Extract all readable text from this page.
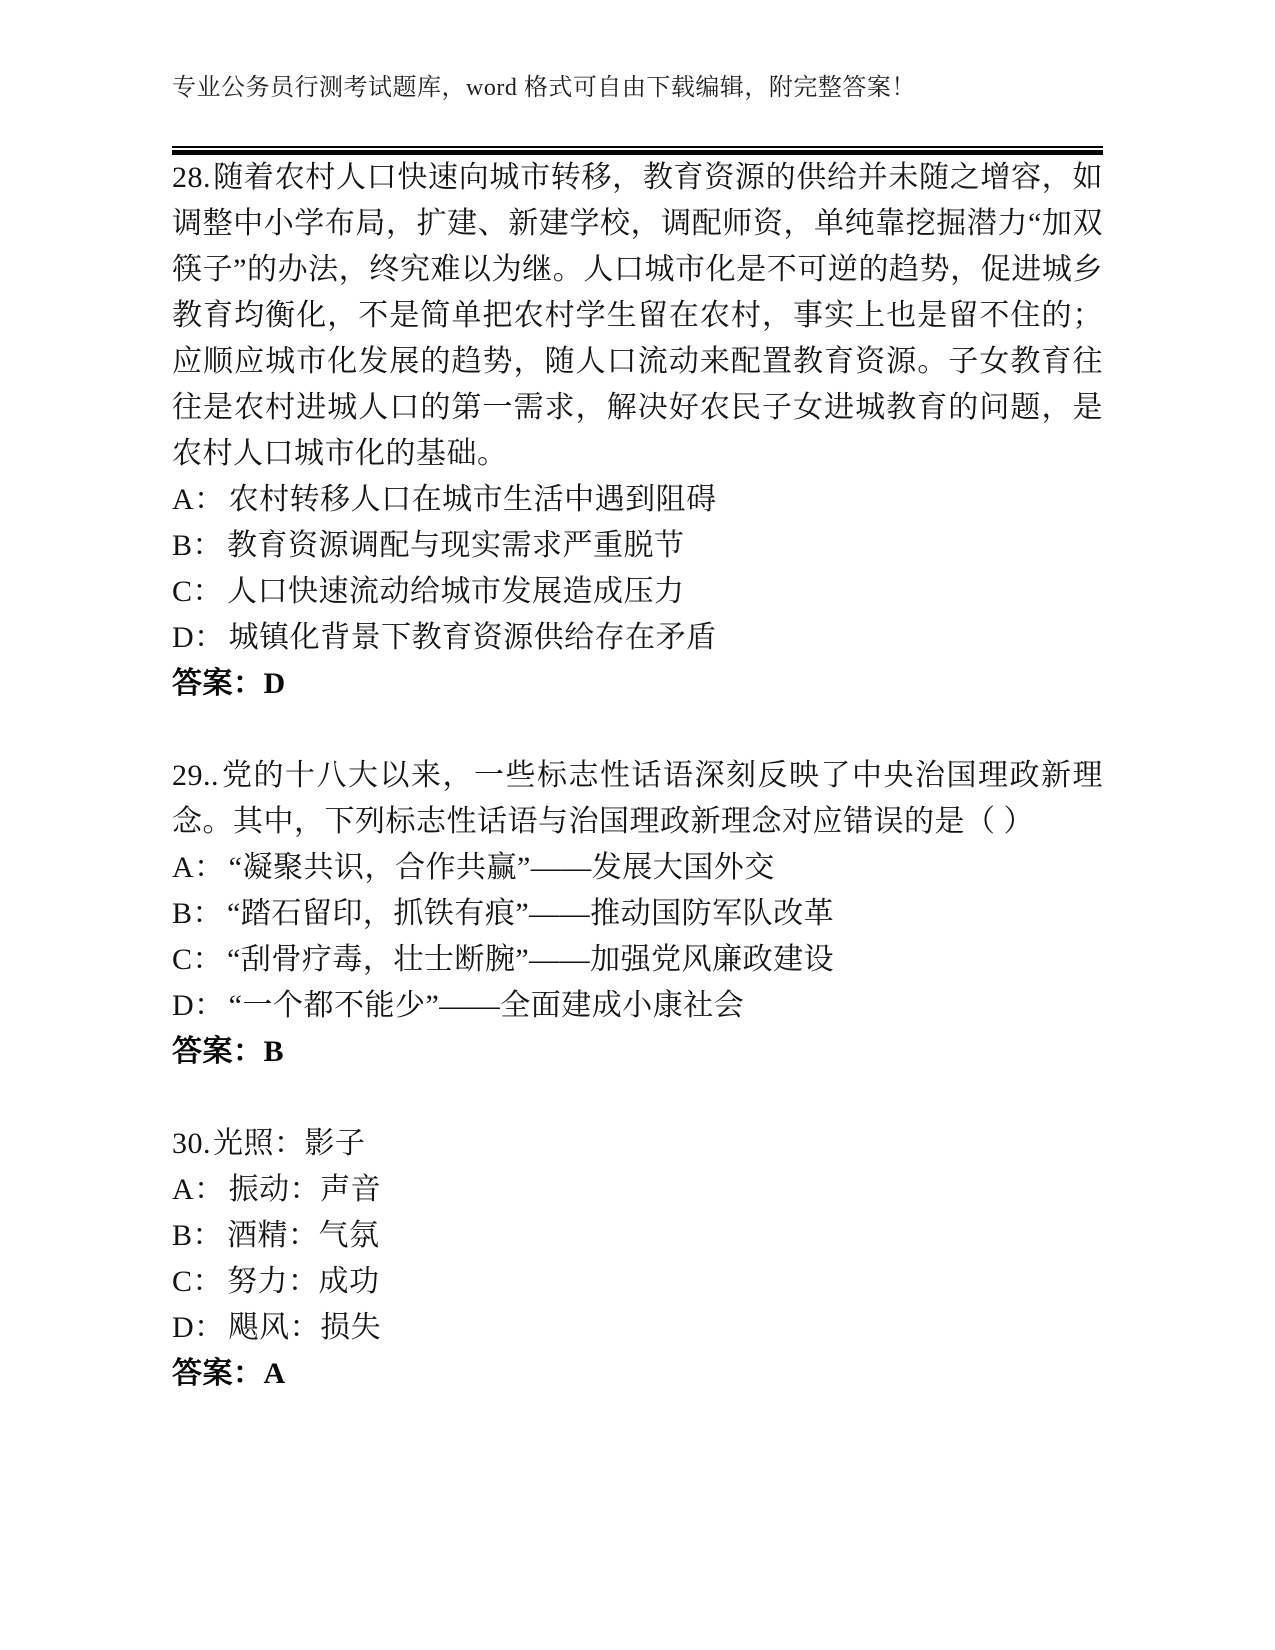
专业公务员行测考试题库，word 格式可自由下载编辑，附完整答案！

28.随着农村人口快速向城市转移，教育资源的供给并未随之增容，如调整中小学布局，扩建、新建学校，调配师资，单纯靠挖掘潜力“加双筷子”的办法，终究难以为继。人口城市化是不可逆的趋势，促进城乡教育均衡化，不是简单把农村学生留在农村，事实上也是留不住的；应顺应城市化发展的趋势，随人口流动来配置教育资源。子女教育往往是农村进城人口的第一需求，解决好农民子女进城教育的问题，是农村人口城市化的基础。

A： 农村转移人口在城市生活中遇到阻碍

B： 教育资源调配与现实需求严重脱节

C： 人口快速流动给城市发展造成压力

D： 城镇化背景下教育资源供给存在矛盾

答案：D

29..党的十八大以来，一些标志性话语深刻反映了中央治国理政新理念。其中，下列标志性话语与治国理政新理念对应错误的是（ ）

A： “凝聚共识，合作共赢”——发展大国外交

B： “踏石留印，抓铁有痕”——推动国防军队改革

C： “刮骨疗毒，壮士断腕”——加强党风廉政建设

D： “一个都不能少”——全面建成小康社会

答案：B

30.光照：影子

A： 振动：声音

B： 酒精：气氛

C： 努力：成功

D： 飓风：损失

答案：A
